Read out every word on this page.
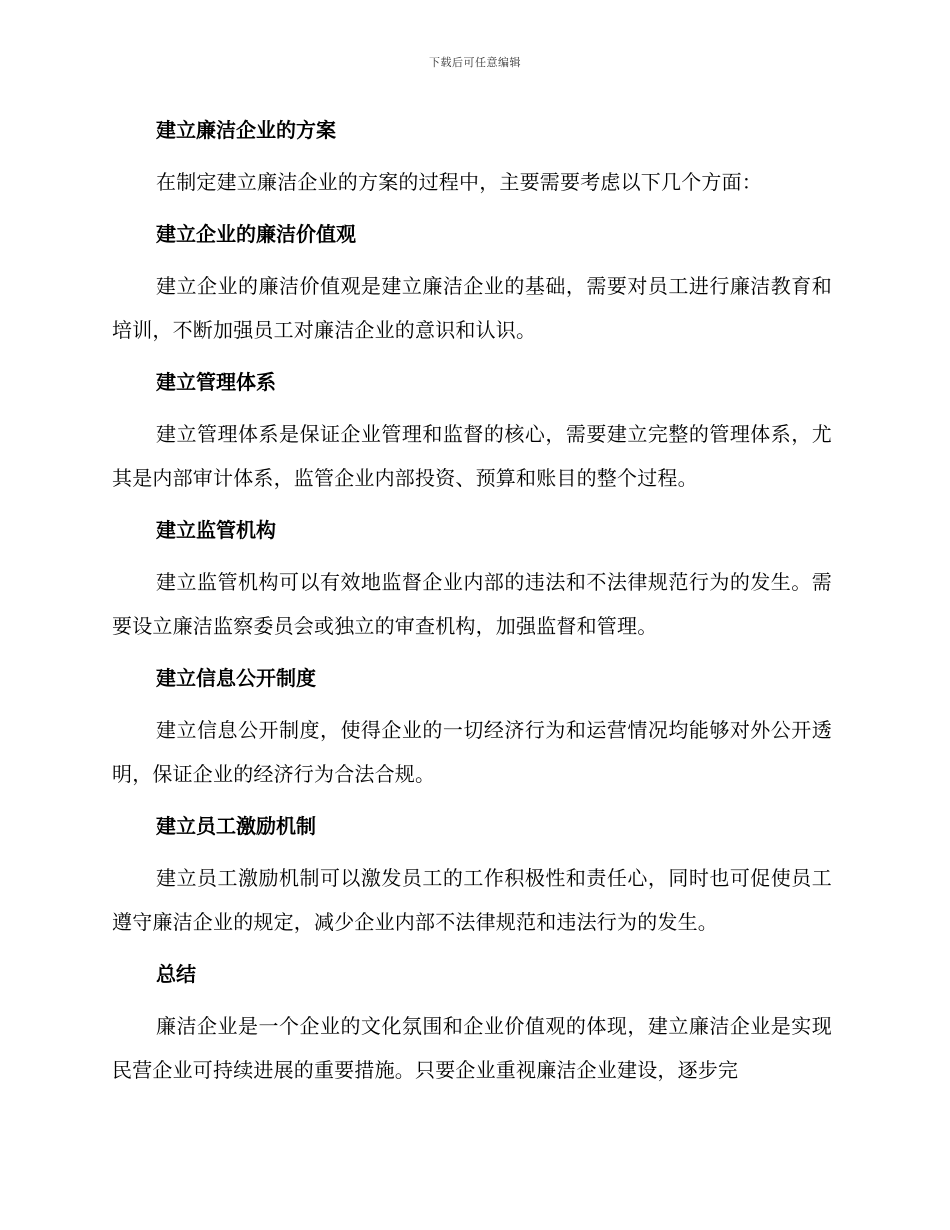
下载后可任意编辑
建立廉洁企业的方案

在制定建立廉洁企业的方案的过程中，主要需要考虑以下几个方面：

建立企业的廉洁价值观

建立企业的廉洁价值观是建立廉洁企业的基础，需要对员工进行廉洁教育和培训，不断加强员工对廉洁企业的意识和认识。

建立管理体系

建立管理体系是保证企业管理和监督的核心，需要建立完整的管理体系，尤其是内部审计体系，监管企业内部投资、预算和账目的整个过程。

建立监管机构

建立监管机构可以有效地监督企业内部的违法和不法律规范行为的发生。需要设立廉洁监察委员会或独立的审查机构，加强监督和管理。

建立信息公开制度

建立信息公开制度，使得企业的一切经济行为和运营情况均能够对外公开透明，保证企业的经济行为合法合规。

建立员工激励机制

建立员工激励机制可以激发员工的工作积极性和责任心，同时也可促使员工遵守廉洁企业的规定，减少企业内部不法律规范和违法行为的发生。

总结

廉洁企业是一个企业的文化氛围和企业价值观的体现，建立廉洁企业是实现民营企业可持续进展的重要措施。只要企业重视廉洁企业建设，逐步完
